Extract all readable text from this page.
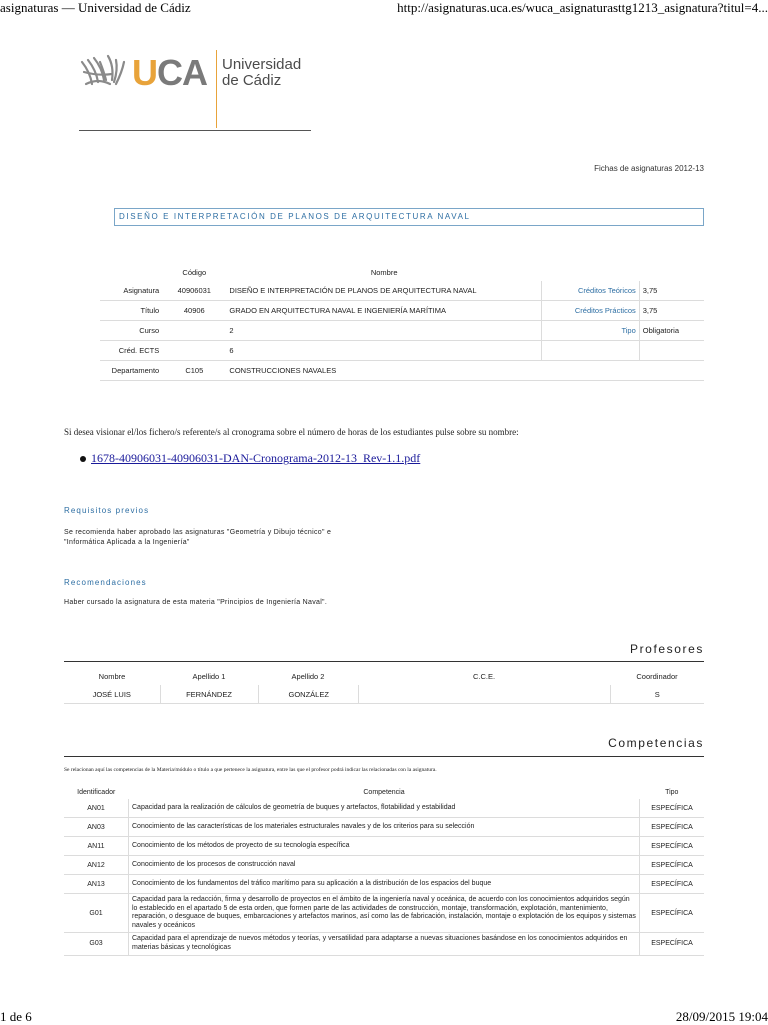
asignaturas — Universidad de Cádiz	http://asignaturas.uca.es/wuca_asignaturasttg1213_asignatura?titul=4...
UCA Universidad
de Cádiz
Fichas de asignaturas 2012-13
DISEÑO E INTERPRETACIÓN DE PLANOS DE ARQUITECTURA NAVAL
	Código	Nombre		
Asignatura	40906031	DISEÑO E INTERPRETACIÓN DE PLANOS DE ARQUITECTURA NAVAL	Créditos Teóricos	3,75
Título	40906	GRADO EN ARQUITECTURA NAVAL E INGENIERÍA MARÍTIMA	Créditos Prácticos	3,75
Curso		2	Tipo	Obligatoria
Créd. ECTS		6		
Departamento	C105	CONSTRUCCIONES NAVALES		
Si desea visionar el/los fichero/s referente/s al cronograma sobre el número de horas de los estudiantes pulse sobre su nombre:
1678-40906031-40906031-DAN-Cronograma-2012-13_Rev-1.1.pdf
Requisitos previos
Se recomienda haber aprobado las asignaturas "Geometría y Dibujo técnico" e
"Informática Aplicada a la Ingeniería"
Recomendaciones
Haber cursado la asignatura de esta materia "Principios de Ingeniería Naval".
Profesores
Nombre	Apellido 1	Apellido 2	C.C.E.	Coordinador
JOSÉ LUIS	FERNÁNDEZ	GONZÁLEZ		S
Competencias
Se relacionan aquí las competencias de la Materia/módulo o título a que pertenece la asignatura, entre las que el profesor podrá indicar las relacionadas con la asignatura.
Identificador	Competencia	Tipo
AN01	Capacidad para la realización de cálculos de geometría de buques y artefactos, flotabilidad y estabilidad	ESPECÍFICA
AN03	Conocimiento de las características de los materiales estructurales navales y de los criterios para su selección	ESPECÍFICA
AN11	Conocimiento de los métodos de proyecto de su tecnología específica	ESPECÍFICA
AN12	Conocimiento de los procesos de construcción naval	ESPECÍFICA
AN13	Conocimiento de los fundamentos del tráfico marítimo para su aplicación a la distribución de los espacios del buque	ESPECÍFICA
G01	Capacidad para la redacción, firma y desarrollo de proyectos en el ámbito de la ingeniería naval y oceánica, de acuerdo con los conocimientos adquiridos según lo establecido en el apartado 5 de esta orden, que formen parte de las actividades de construcción, montaje, transformación, explotación, mantenimiento, reparación, o desguace de buques, embarcaciones y artefactos marinos, así como las de fabricación, instalación, montaje o explotación de los equipos y sistemas navales y oceánicos	ESPECÍFICA
G03	Capacidad para el aprendizaje de nuevos métodos y teorías, y versatilidad para adaptarse a nuevas situaciones basándose en los conocimientos adquiridos en materias básicas y tecnológicas	ESPECÍFICA
1 de 6	28/09/2015 19:04
